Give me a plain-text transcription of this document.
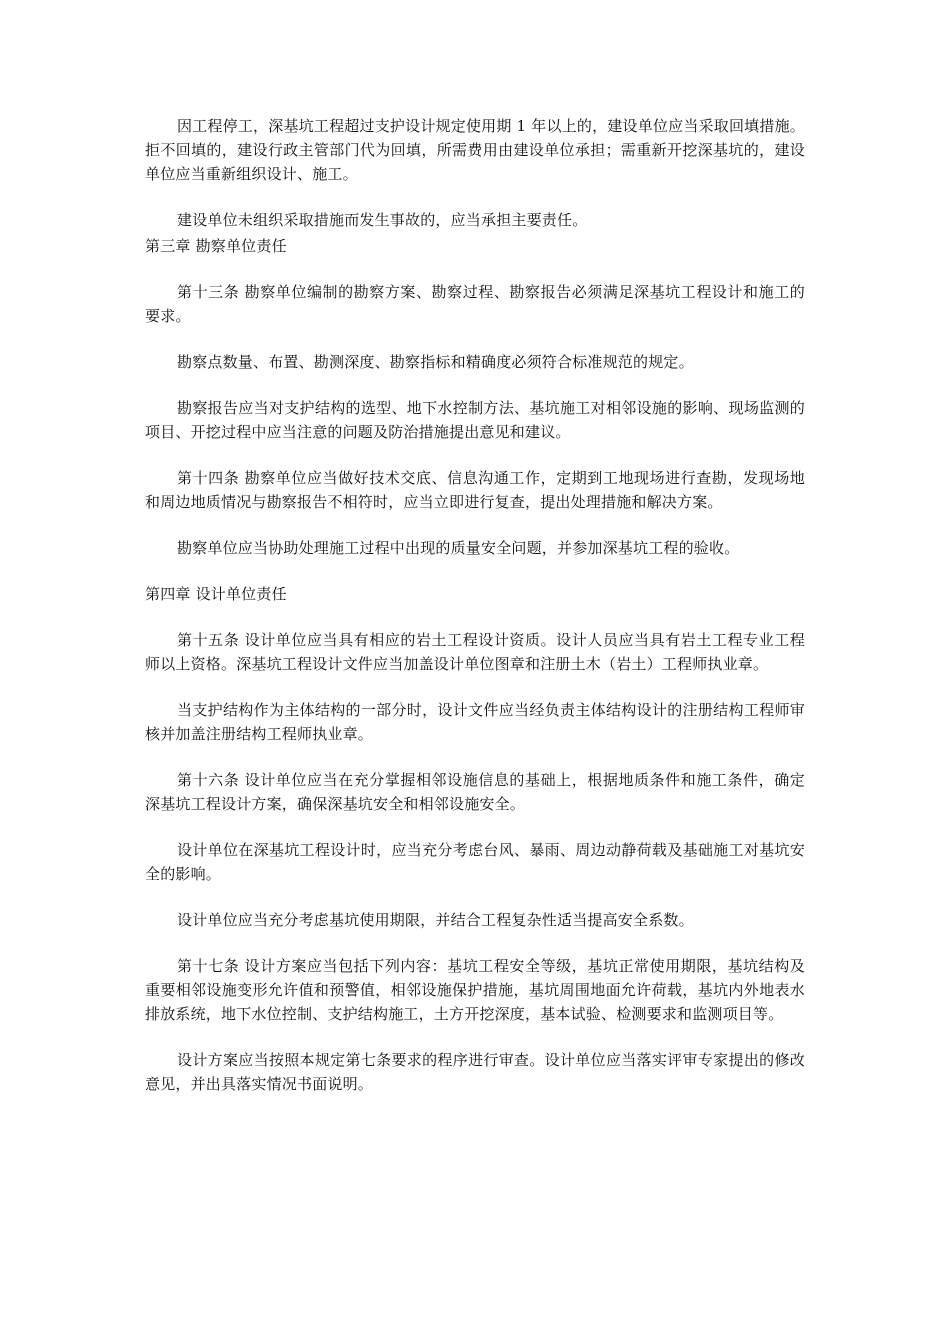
因工程停工，深基坑工程超过支护设计规定使用期 1 年以上的，建设单位应当采取回填措施。拒不回填的，建设行政主管部门代为回填，所需费用由建设单位承担；需重新开挖深基坑的，建设单位应当重新组织设计、施工。

建设单位未组织采取措施而发生事故的，应当承担主要责任。

第三章 勘察单位责任

第十三条 勘察单位编制的勘察方案、勘察过程、勘察报告必须满足深基坑工程设计和施工的要求。

勘察点数量、布置、勘测深度、勘察指标和精确度必须符合标准规范的规定。

勘察报告应当对支护结构的选型、地下水控制方法、基坑施工对相邻设施的影响、现场监测的项目、开挖过程中应当注意的问题及防治措施提出意见和建议。

第十四条 勘察单位应当做好技术交底、信息沟通工作，定期到工地现场进行查勘，发现场地和周边地质情况与勘察报告不相符时，应当立即进行复查，提出处理措施和解决方案。

勘察单位应当协助处理施工过程中出现的质量安全问题，并参加深基坑工程的验收。

第四章 设计单位责任

第十五条 设计单位应当具有相应的岩土工程设计资质。设计人员应当具有岩土工程专业工程师以上资格。深基坑工程设计文件应当加盖设计单位图章和注册土木（岩土）工程师执业章。

当支护结构作为主体结构的一部分时，设计文件应当经负责主体结构设计的注册结构工程师审核并加盖注册结构工程师执业章。

第十六条 设计单位应当在充分掌握相邻设施信息的基础上，根据地质条件和施工条件，确定深基坑工程设计方案，确保深基坑安全和相邻设施安全。

设计单位在深基坑工程设计时，应当充分考虑台风、暴雨、周边动静荷载及基础施工对基坑安全的影响。

设计单位应当充分考虑基坑使用期限，并结合工程复杂性适当提高安全系数。

第十七条 设计方案应当包括下列内容：基坑工程安全等级，基坑正常使用期限，基坑结构及重要相邻设施变形允许值和预警值，相邻设施保护措施，基坑周围地面允许荷载，基坑内外地表水排放系统，地下水位控制、支护结构施工，土方开挖深度，基本试验、检测要求和监测项目等。

设计方案应当按照本规定第七条要求的程序进行审查。设计单位应当落实评审专家提出的修改意见，并出具落实情况书面说明。
